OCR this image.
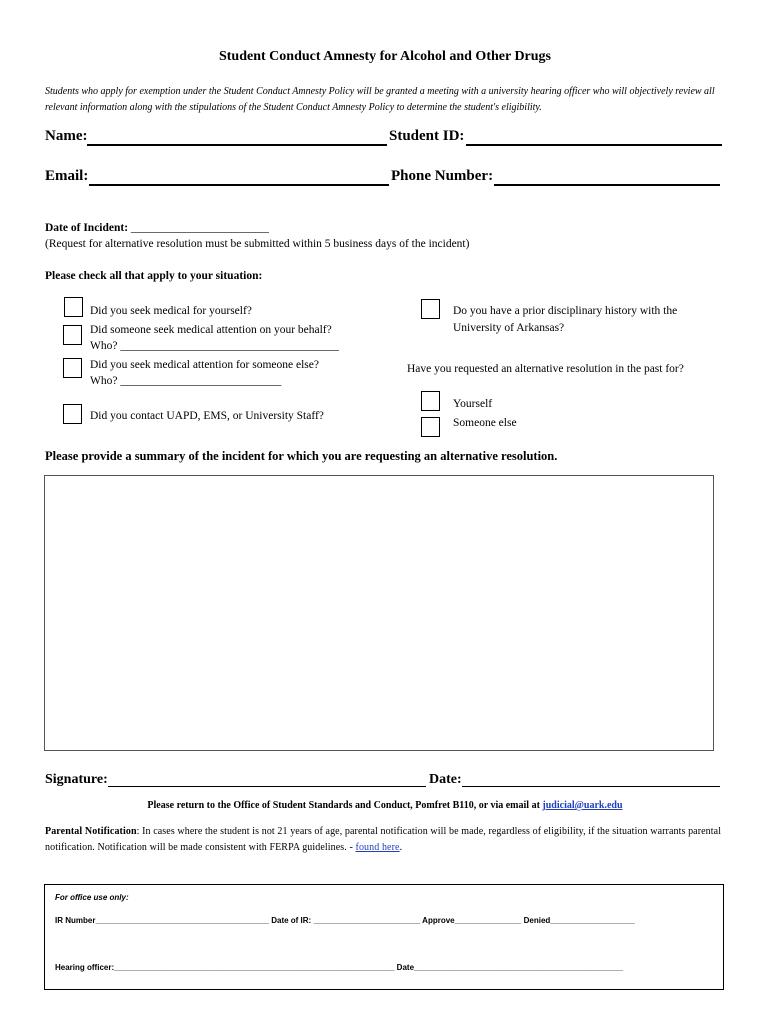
Student Conduct Amnesty for Alcohol and Other Drugs
Students who apply for exemption under the Student Conduct Amnesty Policy will be granted a meeting with a university hearing officer who will objectively review all relevant information along with the stipulations of the Student Conduct Amnesty Policy to determine the student's eligibility.
Name:	Student ID:
Email:	Phone Number:
Date of Incident: ________________________
(Request for alternative resolution must be submitted within 5 business days of the incident)
Please check all that apply to your situation:
Did you seek medical for yourself?
Did someone seek medical attention on your behalf?
Who? ______________________________________
Did you seek medical attention for someone else?
Who? ____________________________
Did you contact UAPD, EMS, or University Staff?
Do you have a prior disciplinary history with the
University of Arkansas?
Have you requested an alternative resolution in the past for?
Yourself
Someone else
Please provide a summary of the incident for which you are requesting an alternative resolution.
Signature:	Date:
Please return to the Office of Student Standards and Conduct, Pomfret B110, or via email at judicial@uark.edu
Parental Notification: In cases where the student is not 21 years of age, parental notification will be made, regardless of eligibility, if the situation warrants parental notification. Notification will be made consistent with FERPA guidelines. - found here.
For office use only:
IR Number_______________________________________ Date of IR: ________________________ Approve_______________ Denied___________________
Hearing officer:_______________________________________________________________ Date_______________________________________________
